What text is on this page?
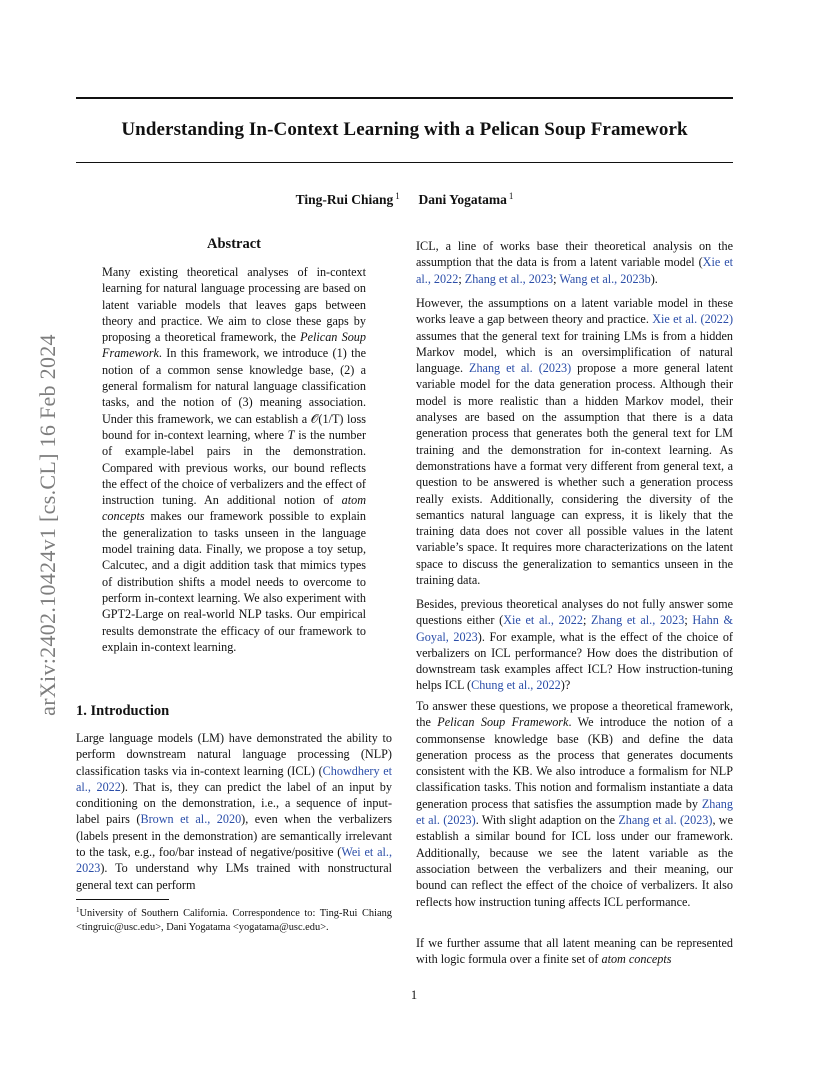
arXiv:2402.10424v1 [cs.CL] 16 Feb 2024
Understanding In-Context Learning with a Pelican Soup Framework
Ting-Rui Chiang $^1$ Dani Yogatama $^1$
Abstract

Many existing theoretical analyses of in-context learning for natural language processing are based on latent variable models that leaves gaps between theory and practice. We aim to close these gaps by proposing a theoretical framework, the Pelican Soup Framework. In this framework, we introduce (1) the notion of a common sense knowledge base, (2) a general formalism for natural language classification tasks, and the notion of (3) meaning association. Under this framework, we can establish a 𝒪(1/T) loss bound for in-context learning, where T is the number of example-label pairs in the demonstration. Compared with previous works, our bound reflects the effect of the choice of verbalizers and the effect of instruction tuning. An additional notion of atom concepts makes our framework possible to explain the generalization to tasks unseen in the language model training data. Finally, we propose a toy setup, Calcutec, and a digit addition task that mimics types of distribution shifts a model needs to overcome to perform in-context learning. We also experiment with GPT2-Large on real-world NLP tasks. Our empirical results demonstrate the efficacy of our framework to explain in-context learning.

1. Introduction

Large language models (LM) have demonstrated the ability to perform downstream natural language processing (NLP) classification tasks via in-context learning (ICL) (Chowdhery et al., 2022). That is, they can predict the label of an input by conditioning on the demonstration, i.e., a sequence of input-label pairs (Brown et al., 2020), even when the verbalizers (labels present in the demonstration) are semantically irrelevant to the task, e.g., foo/bar instead of negative/positive (Wei et al., 2023). To understand why LMs trained with nonstructural general text can perform

$^1$University of Southern California. Correspondence to: Ting-Rui Chiang <tingruic@usc.edu>, Dani Yogatama <yogatama@usc.edu>.

ICL, a line of works base their theoretical analysis on the assumption that the data is from a latent variable model (Xie et al., 2022; Zhang et al., 2023; Wang et al., 2023b).

However, the assumptions on a latent variable model in these works leave a gap between theory and practice. Xie et al. (2022) assumes that the general text for training LMs is from a hidden Markov model, which is an oversimplification of natural language. Zhang et al. (2023) propose a more general latent variable model for the data generation process. Although their model is more realistic than a hidden Markov model, their analyses are based on the assumption that there is a data generation process that generates both the general text for LM training and the demonstration for in-context learning. As demonstrations have a format very different from general text, a question to be answered is whether such a generation process really exists. Additionally, considering the diversity of the semantics natural language can express, it is likely that the training data does not cover all possible values in the latent variable’s space. It requires more characterizations on the latent space to discuss the generalization to semantics unseen in the training data.

Besides, previous theoretical analyses do not fully answer some questions either (Xie et al., 2022; Zhang et al., 2023; Hahn & Goyal, 2023). For example, what is the effect of the choice of verbalizers on ICL performance? How does the distribution of downstream task examples affect ICL? How instruction-tuning helps ICL (Chung et al., 2022)?

To answer these questions, we propose a theoretical framework, the Pelican Soup Framework. We introduce the notion of a commonsense knowledge base (KB) and define the data generation process as the process that generates documents consistent with the KB. We also introduce a formalism for NLP classification tasks. This notion and formalism instantiate a data generation process that satisfies the assumption made by Zhang et al. (2023). With slight adaption on the Zhang et al. (2023), we establish a similar bound for ICL loss under our framework. Additionally, because we see the latent variable as the association between the verbalizers and their meaning, our bound can reflect the effect of the choice of verbalizers. It also reflects how instruction tuning affects ICL performance.

If we further assume that all latent meaning can be represented with logic formula over a finite set of atom concepts

1
